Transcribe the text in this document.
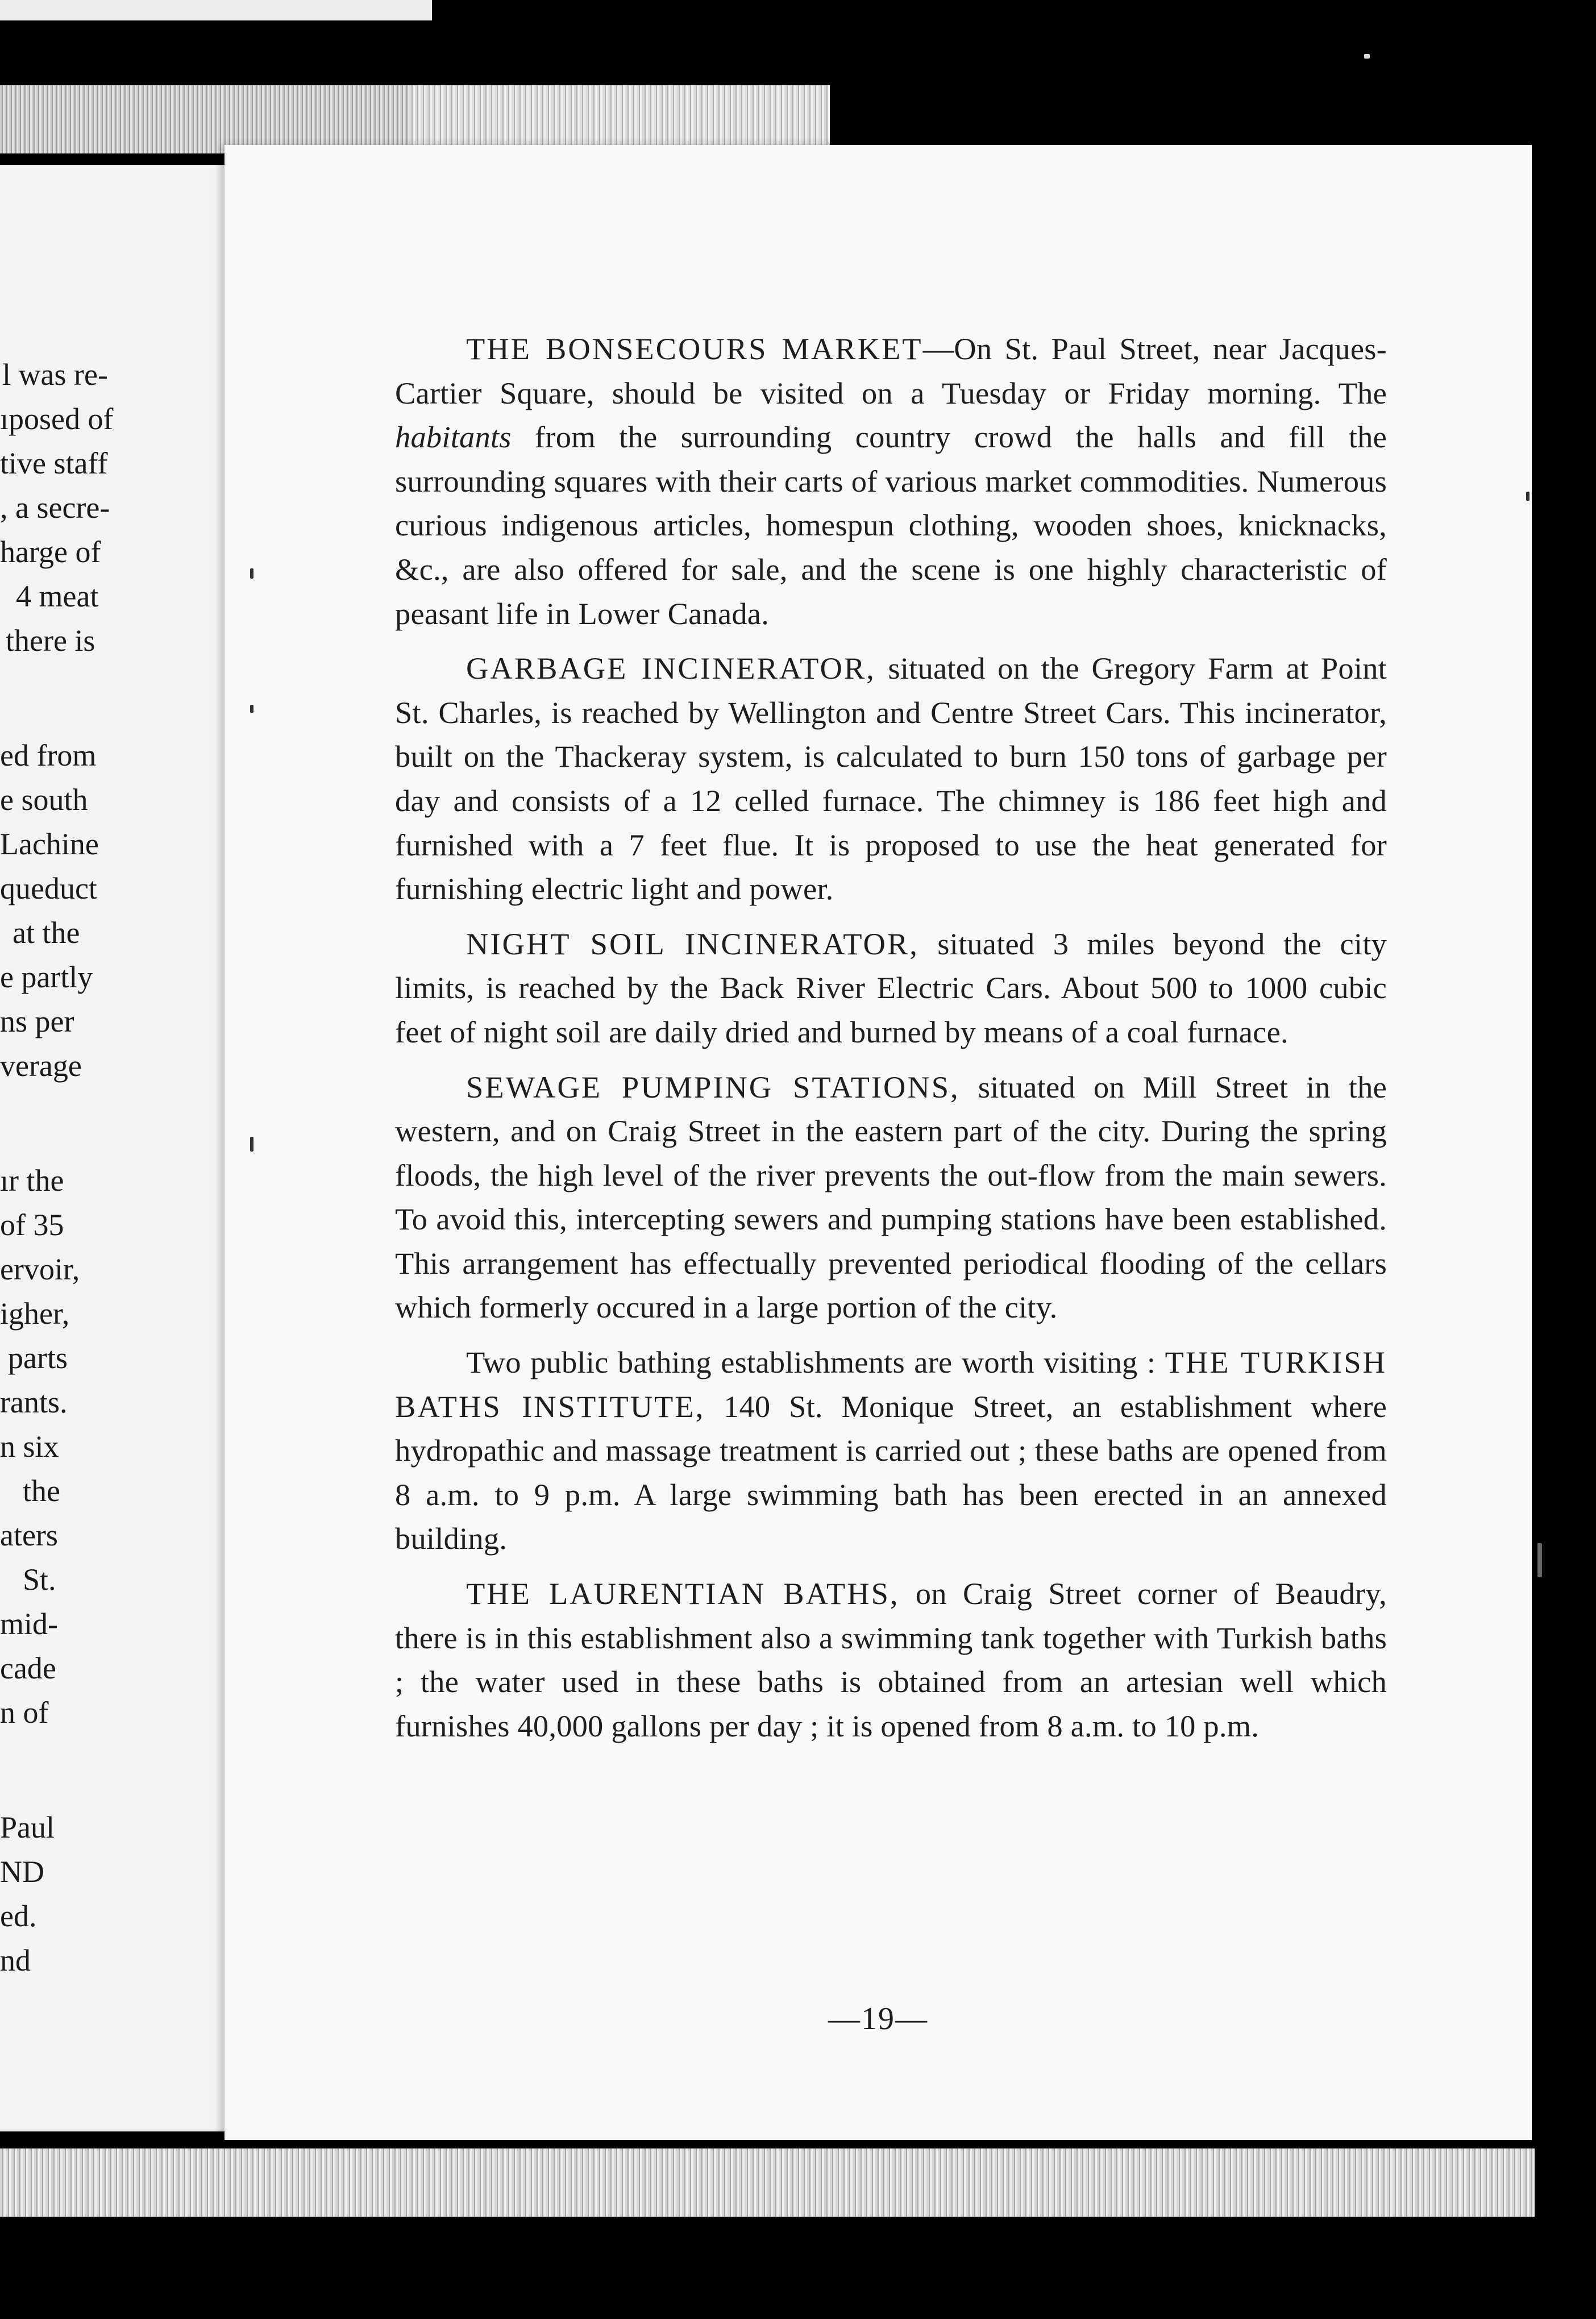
l was re-
ıposed of
tive staff
, a secre-
harge of
4 meat
there is
ed from
e south
Lachine
queduct
at the
e partly
ns per
verage
ır the
of 35
ervoir,
igher,
parts
rants.
n six
the
aters
St.
mid-
cade
n of
Paul
ND
ed.
nd

THE BONSECOURS MARKET—On St. Paul Street, near Jacques-Cartier Square, should be visited on a Tuesday or Friday morning. The habitants from the surrounding country crowd the halls and fill the surrounding squares with their carts of various market commodities. Numerous curious indigenous articles, homespun clothing, wooden shoes, knicknacks, &c., are also offered for sale, and the scene is one highly characteristic of peasant life in Lower Canada.

GARBAGE INCINERATOR, situated on the Gregory Farm at Point St. Charles, is reached by Wellington and Centre Street Cars. This incinerator, built on the Thackeray system, is calculated to burn 150 tons of garbage per day and consists of a 12 celled furnace. The chimney is 186 feet high and furnished with a 7 feet flue. It is proposed to use the heat generated for furnishing electric light and power.

NIGHT SOIL INCINERATOR, situated 3 miles beyond the city limits, is reached by the Back River Electric Cars. About 500 to 1000 cubic feet of night soil are daily dried and burned by means of a coal furnace.

SEWAGE PUMPING STATIONS, situated on Mill Street in the western, and on Craig Street in the eastern part of the city. During the spring floods, the high level of the river prevents the out-flow from the main sewers. To avoid this, intercepting sewers and pumping stations have been established. This arrangement has effectually prevented periodical flooding of the cellars which formerly occured in a large portion of the city.

Two public bathing establishments are worth visiting : THE TURKISH BATHS INSTITUTE, 140 St. Monique Street, an establishment where hydropathic and massage treatment is carried out ; these baths are opened from 8 a.m. to 9 p.m. A large swimming bath has been erected in an annexed building.

THE LAURENTIAN BATHS, on Craig Street corner of Beaudry, there is in this establishment also a swimming tank together with Turkish baths ; the water used in these baths is obtained from an artesian well which furnishes 40,000 gallons per day ; it is opened from 8 a.m. to 10 p.m.

—19—
